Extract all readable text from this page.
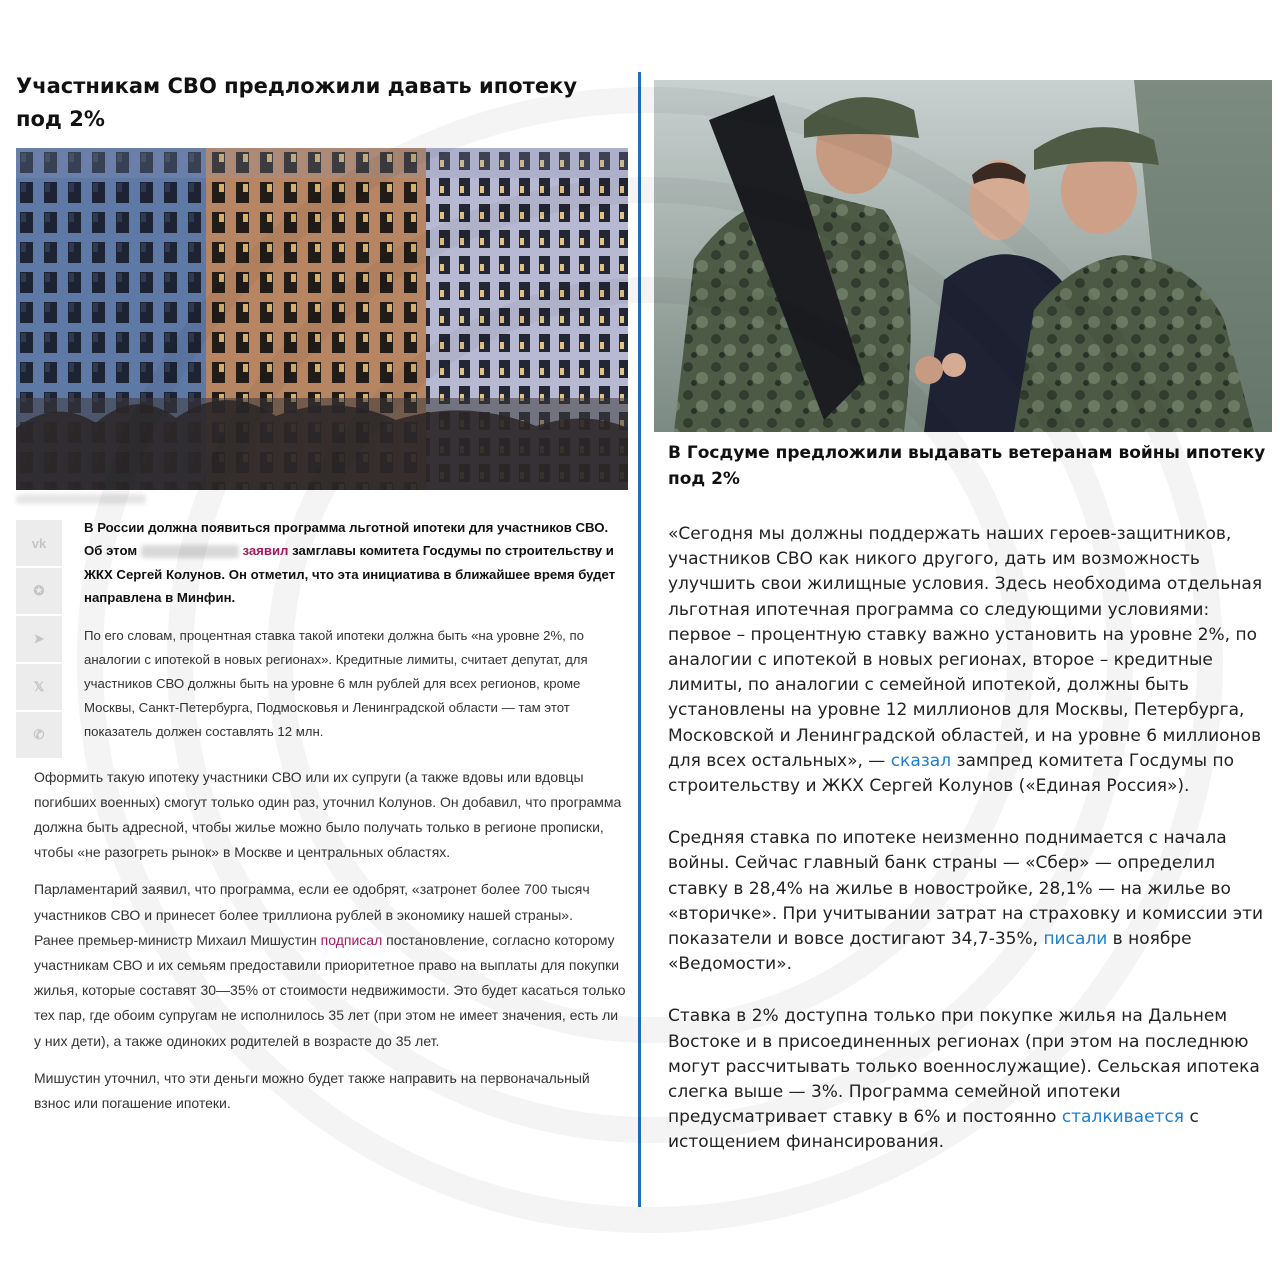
Участникам СВО предложили давать ипотеку под 2%
vk
✪
➤
𝕏
✆
В России должна появиться программа льготной ипотеки для участников СВО. Об этом	заявил замглавы комитета Госдумы по строительству и ЖКХ Сергей Колунов. Он отметил, что эта инициатива в ближайшее время будет направлена в Минфин.
По его словам, процентная ставка такой ипотеки должна быть «на уровне 2%, по аналогии с ипотекой в новых регионах». Кредитные лимиты, считает депутат, для участников СВО должны быть на уровне 6 млн рублей для всех регионов, кроме Москвы, Санкт-Петербурга, Подмосковья и Ленинградской области — там этот показатель должен составлять 12 млн.

Оформить такую ипотеку участники СВО или их супруги (а также вдовы или вдовцы погибших военных) смогут только один раз, уточнил Колунов. Он добавил, что программа должна быть адресной, чтобы жилье можно было получать только в регионе прописки, чтобы «не разогреть рынок» в Москве и центральных областях.

Парламентарий заявил, что программа, если ее одобрят, «затронет более 700 тысяч участников СВО и принесет более триллиона рублей в экономику нашей страны».

Ранее премьер-министр Михаил Мишустин подписал постановление, согласно которому участникам СВО и их семьям предоставили приоритетное право на выплаты для покупки жилья, которые составят 30—35% от стоимости недвижимости. Это будет касаться только тех пар, где обоим супругам не исполнилось 35 лет (при этом не имеет значения, есть ли у них дети), а также одиноких родителей в возрасте до 35 лет.

Мишустин уточнил, что эти деньги можно будет также направить на первоначальный взнос или погашение ипотеки.

В Госдуме предложили выдавать ветеранам войны ипотеку под 2%

«Сегодня мы должны поддержать наших героев-защитников, участников СВО как никого другого, дать им возможность улучшить свои жилищные условия. Здесь необходима отдельная льготная ипотечная программа со следующими условиями: первое – процентную ставку важно установить на уровне 2%, по аналогии с ипотекой в новых регионах, второе – кредитные лимиты, по аналогии с семейной ипотекой, должны быть установлены на уровне 12 миллионов для Москвы, Петербурга, Московской и Ленинградской областей, и на уровне 6 миллионов для всех остальных», — сказал зампред комитета Госдумы по строительству и ЖКХ Сергей Колунов («Единая Россия»).

Средняя ставка по ипотеке неизменно поднимается с начала войны. Сейчас главный банк страны — «Сбер» — определил ставку в 28,4% на жилье в новостройке, 28,1% — на жилье во «вторичке». При учитывании затрат на страховку и комиссии эти показатели и вовсе достигают 34,7-35%, писали в ноябре «Ведомости».

Ставка в 2% доступна только при покупке жилья на Дальнем Востоке и в присоединенных регионах (при этом на последнюю могут рассчитывать только военнослужащие). Сельская ипотека слегка выше — 3%. Программа семейной ипотеки предусматривает ставку в 6% и постоянно сталкивается с истощением финансирования.
